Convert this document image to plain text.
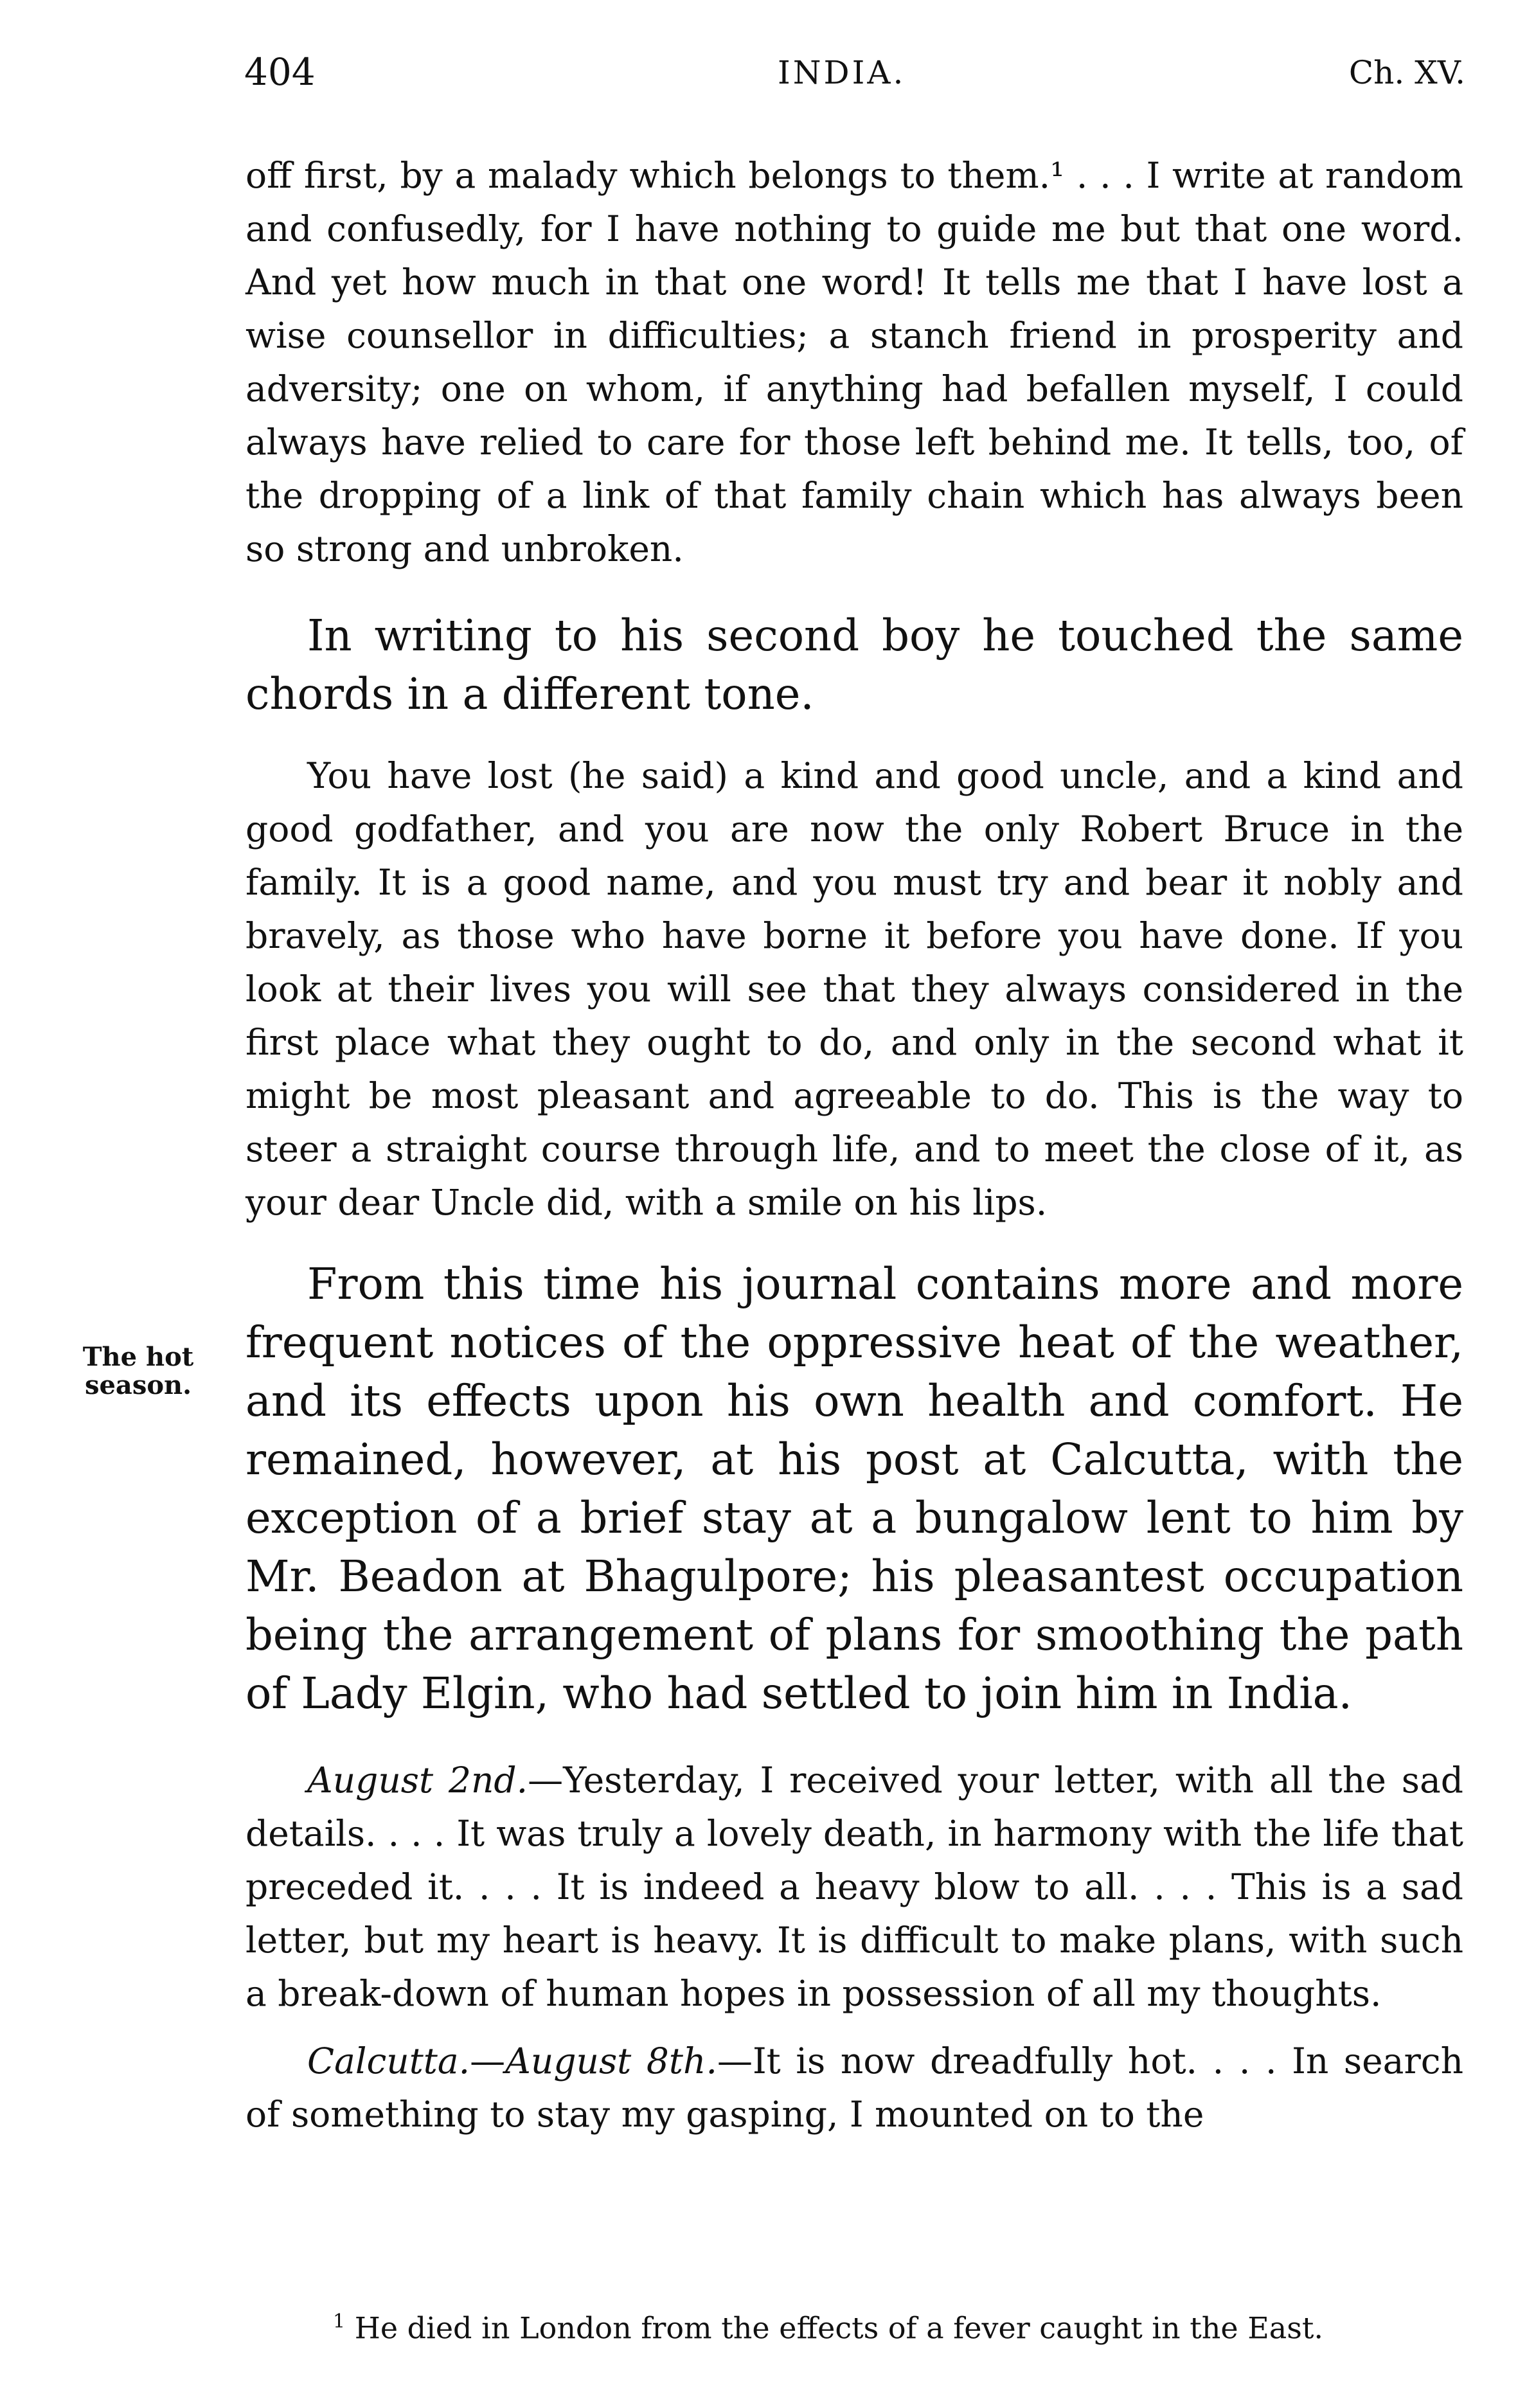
404	INDIA.	Ch. XV.
The hot
season.

off first, by a malady which belongs to them.¹ . . . I write at random and confusedly, for I have nothing to guide me but that one word. And yet how much in that one word! It tells me that I have lost a wise counsellor in difficulties; a stanch friend in prosperity and adversity; one on whom, if anything had befallen myself, I could always have relied to care for those left behind me. It tells, too, of the dropping of a link of that family chain which has always been so strong and unbroken.

In writing to his second boy he touched the same chords in a different tone.

You have lost (he said) a kind and good uncle, and a kind and good godfather, and you are now the only Robert Bruce in the family. It is a good name, and you must try and bear it nobly and bravely, as those who have borne it before you have done. If you look at their lives you will see that they always considered in the first place what they ought to do, and only in the second what it might be most pleasant and agreeable to do. This is the way to steer a straight course through life, and to meet the close of it, as your dear Uncle did, with a smile on his lips.

From this time his journal contains more and more frequent notices of the oppressive heat of the weather, and its effects upon his own health and comfort. He remained, however, at his post at Calcutta, with the exception of a brief stay at a bungalow lent to him by Mr. Beadon at Bhagulpore; his pleasantest occupation being the arrangement of plans for smoothing the path of Lady Elgin, who had settled to join him in India.

August 2nd.—Yesterday, I received your letter, with all the sad details. . . . It was truly a lovely death, in harmony with the life that preceded it. . . . It is indeed a heavy blow to all. . . . This is a sad letter, but my heart is heavy. It is difficult to make plans, with such a break-down of human hopes in possession of all my thoughts.

Calcutta.—August 8th.—It is now dreadfully hot. . . . In search of something to stay my gasping, I mounted on to the

$^1$ He died in London from the effects of a fever caught in the East.
